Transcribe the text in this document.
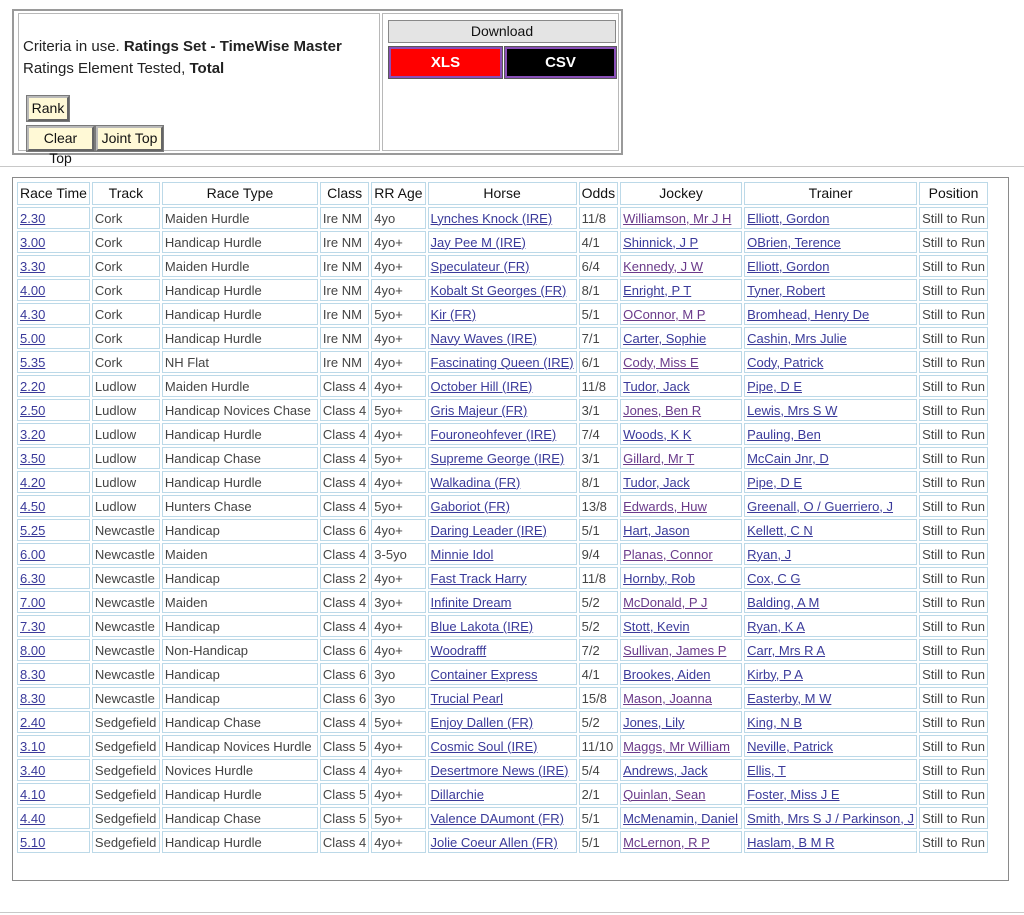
Criteria in use. Ratings Set - TimeWise Master
Ratings Element Tested, Total
Rank
Clear Top
Joint Top
Download
XLS	CSV
Race Time	Track	Race Type	Class	RR Age	Horse	Odds	Jockey	Trainer	Position
2.30	Cork	Maiden Hurdle	Ire NM	4yo	Lynches Knock (IRE)	11/8	Williamson, Mr J H	Elliott, Gordon	Still to Run
3.00	Cork	Handicap Hurdle	Ire NM	4yo+	Jay Pee M (IRE)	4/1	Shinnick, J P	OBrien, Terence	Still to Run
3.30	Cork	Maiden Hurdle	Ire NM	4yo+	Speculateur (FR)	6/4	Kennedy, J W	Elliott, Gordon	Still to Run
4.00	Cork	Handicap Hurdle	Ire NM	4yo+	Kobalt St Georges (FR)	8/1	Enright, P T	Tyner, Robert	Still to Run
4.30	Cork	Handicap Hurdle	Ire NM	5yo+	Kir (FR)	5/1	OConnor, M P	Bromhead, Henry De	Still to Run
5.00	Cork	Handicap Hurdle	Ire NM	4yo+	Navy Waves (IRE)	7/1	Carter, Sophie	Cashin, Mrs Julie	Still to Run
5.35	Cork	NH Flat	Ire NM	4yo+	Fascinating Queen (IRE)	6/1	Cody, Miss E	Cody, Patrick	Still to Run
2.20	Ludlow	Maiden Hurdle	Class 4	4yo+	October Hill (IRE)	11/8	Tudor, Jack	Pipe, D E	Still to Run
2.50	Ludlow	Handicap Novices Chase	Class 4	5yo+	Gris Majeur (FR)	3/1	Jones, Ben R	Lewis, Mrs S W	Still to Run
3.20	Ludlow	Handicap Hurdle	Class 4	4yo+	Fouroneohfever (IRE)	7/4	Woods, K K	Pauling, Ben	Still to Run
3.50	Ludlow	Handicap Chase	Class 4	5yo+	Supreme George (IRE)	3/1	Gillard, Mr T	McCain Jnr, D	Still to Run
4.20	Ludlow	Handicap Hurdle	Class 4	4yo+	Walkadina (FR)	8/1	Tudor, Jack	Pipe, D E	Still to Run
4.50	Ludlow	Hunters Chase	Class 4	5yo+	Gaboriot (FR)	13/8	Edwards, Huw	Greenall, O / Guerriero, J	Still to Run
5.25	Newcastle	Handicap	Class 6	4yo+	Daring Leader (IRE)	5/1	Hart, Jason	Kellett, C N	Still to Run
6.00	Newcastle	Maiden	Class 4	3-5yo	Minnie Idol	9/4	Planas, Connor	Ryan, J	Still to Run
6.30	Newcastle	Handicap	Class 2	4yo+	Fast Track Harry	11/8	Hornby, Rob	Cox, C G	Still to Run
7.00	Newcastle	Maiden	Class 4	3yo+	Infinite Dream	5/2	McDonald, P J	Balding, A M	Still to Run
7.30	Newcastle	Handicap	Class 4	4yo+	Blue Lakota (IRE)	5/2	Stott, Kevin	Ryan, K A	Still to Run
8.00	Newcastle	Non-Handicap	Class 6	4yo+	Woodrafff	7/2	Sullivan, James P	Carr, Mrs R A	Still to Run
8.30	Newcastle	Handicap	Class 6	3yo	Container Express	4/1	Brookes, Aiden	Kirby, P A	Still to Run
8.30	Newcastle	Handicap	Class 6	3yo	Trucial Pearl	15/8	Mason, Joanna	Easterby, M W	Still to Run
2.40	Sedgefield	Handicap Chase	Class 4	5yo+	Enjoy Dallen (FR)	5/2	Jones, Lily	King, N B	Still to Run
3.10	Sedgefield	Handicap Novices Hurdle	Class 5	4yo+	Cosmic Soul (IRE)	11/10	Maggs, Mr William	Neville, Patrick	Still to Run
3.40	Sedgefield	Novices Hurdle	Class 4	4yo+	Desertmore News (IRE)	5/4	Andrews, Jack	Ellis, T	Still to Run
4.10	Sedgefield	Handicap Hurdle	Class 5	4yo+	Dillarchie	2/1	Quinlan, Sean	Foster, Miss J E	Still to Run
4.40	Sedgefield	Handicap Chase	Class 5	5yo+	Valence DAumont (FR)	5/1	McMenamin, Daniel	Smith, Mrs S J / Parkinson, J	Still to Run
5.10	Sedgefield	Handicap Hurdle	Class 4	4yo+	Jolie Coeur Allen (FR)	5/1	McLernon, R P	Haslam, B M R	Still to Run
